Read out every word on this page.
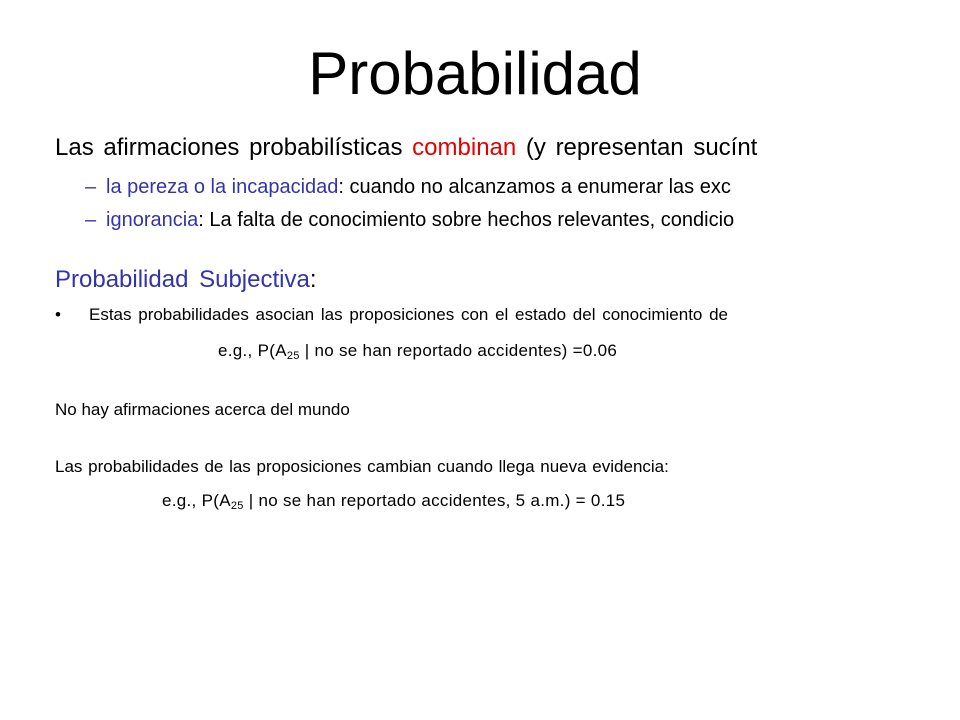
Probabilidad
Las afirmaciones probabilísticas combinan (y representan sucínt
– la pereza o la incapacidad: cuando no alcanzamos a enumerar las exc
– ignorancia: La falta de conocimiento sobre hechos relevantes, condicio
Probabilidad Subjectiva:
• Estas probabilidades asocian las proposiciones con el estado del conocimiento de
e.g., $P(A_{25}$ | no se han reportado accidentes) =0.06
No hay afirmaciones acerca del mundo
Las probabilidades de las proposiciones cambian cuando llega nueva evidencia:
e.g., $P(A_{25}$ | no se han reportado accidentes, 5 a.m.) = 0.15
